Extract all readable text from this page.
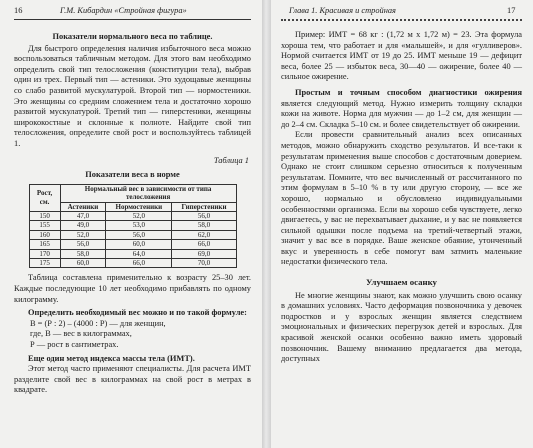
16	Г.М. Кибардин «Стройная фигура»

Показатели нормального веса по таблице.

Для быстрого определения наличия избыточного веса можно воспользоваться табличным методом. Для этого вам необходимо определить свой тип телосложения (конституции тела), выбрав один из трех. Первый тип — астеники. Это худощавые женщины со слабо развитой мускулатурой. Второй тип — нормостеники. Это женщины со средним сложением тела и достаточно хорошо развитой мускулатурой. Третий тип — гиперстеники, женщины ширококостные и склонные к полноте. Найдите свой тип телосложения, определите свой рост и воспользуйтесь таблицей 1.

Таблица 1

Показатели веса в норме

Рост, см.	Нормальный вес в зависимости от типа телосложения		
	Астеники	Нормостеники	Гиперстеники
150	47,0	52,0	56,0
155	49,0	53,0	58,0
160	52,0	56,0	62,0
165	56,0	60,0	66,0
170	58,0	64,0	69,0
175	60,0	66,0	70,0

Таблица составлена применительно к возрасту 25–30 лет. Каждые последующие 10 лет необходимо прибавлять по одному килограмму.

Определить необходимый вес можно и по такой формуле:

В = (Р : 2) – (4000 : Р) — для женщин,

где, В — вес в килограммах,

Р — рост в сантиметрах.

Еще один метод индекса массы тела (ИМТ).

Этот метод часто применяют специалисты. Для расчета ИМТ разделите свой вес в килограммах на свой рост в метрах в квадрате.

Глава 1. Красивая и стройная	17

Пример: ИМТ = 68 кг : (1,72 м х 1,72 м) = 23. Эта формула хороша тем, что работает и для «малышей», и для «гулливеров». Нормой считается ИМТ от 19 до 25. ИМТ меньше 19 — дефицит веса, более 25 — избыток веса, 30—40 — ожирение, более 40 — сильное ожирение.

Простым и точным способом диагностики ожирения является следующий метод. Нужно измерить толщину складки кожи на животе. Норма для мужчин — до 1–2 см, для женщин — до 2–4 см. Складка 5–10 см. и более свидетельствует об ожирении.

Если провести сравнительный анализ всех описанных методов, можно обнаружить сходство результатов. И все-таки к результатам применения выше способов с достаточным доверием. Однако не стоит слишком серьезно относиться к полученным результатам. Помните, что вес вычисленный от рассчитанного по этим формулам в 5–10 % в ту или другую сторону, — все же хорошо, нормально и обусловлено индивидуальными особенностями организма. Если вы хорошо себя чувствуете, легко двигаетесь, у вас не перехватывает дыхание, и у вас не появляется сильной одышки после подъема на третий-четвертый этажи, значит у вас все в порядке. Ваше женское обаяние, утонченный вкус и уверенность в себе помогут вам затмить маленькие недостатки физического тела.

Улучшаем осанку

Не многие женщины знают, как можно улучшить свою осанку в домашних условиях. Часто деформация позвоночника у девочек подростков и у взрослых женщин является следствием эмоциональных и физических перегрузок детей и взрослых. Для красивой женской осанки особенно важно иметь здоровый позвоночник. Вашему вниманию предлагается два метода, доступных
